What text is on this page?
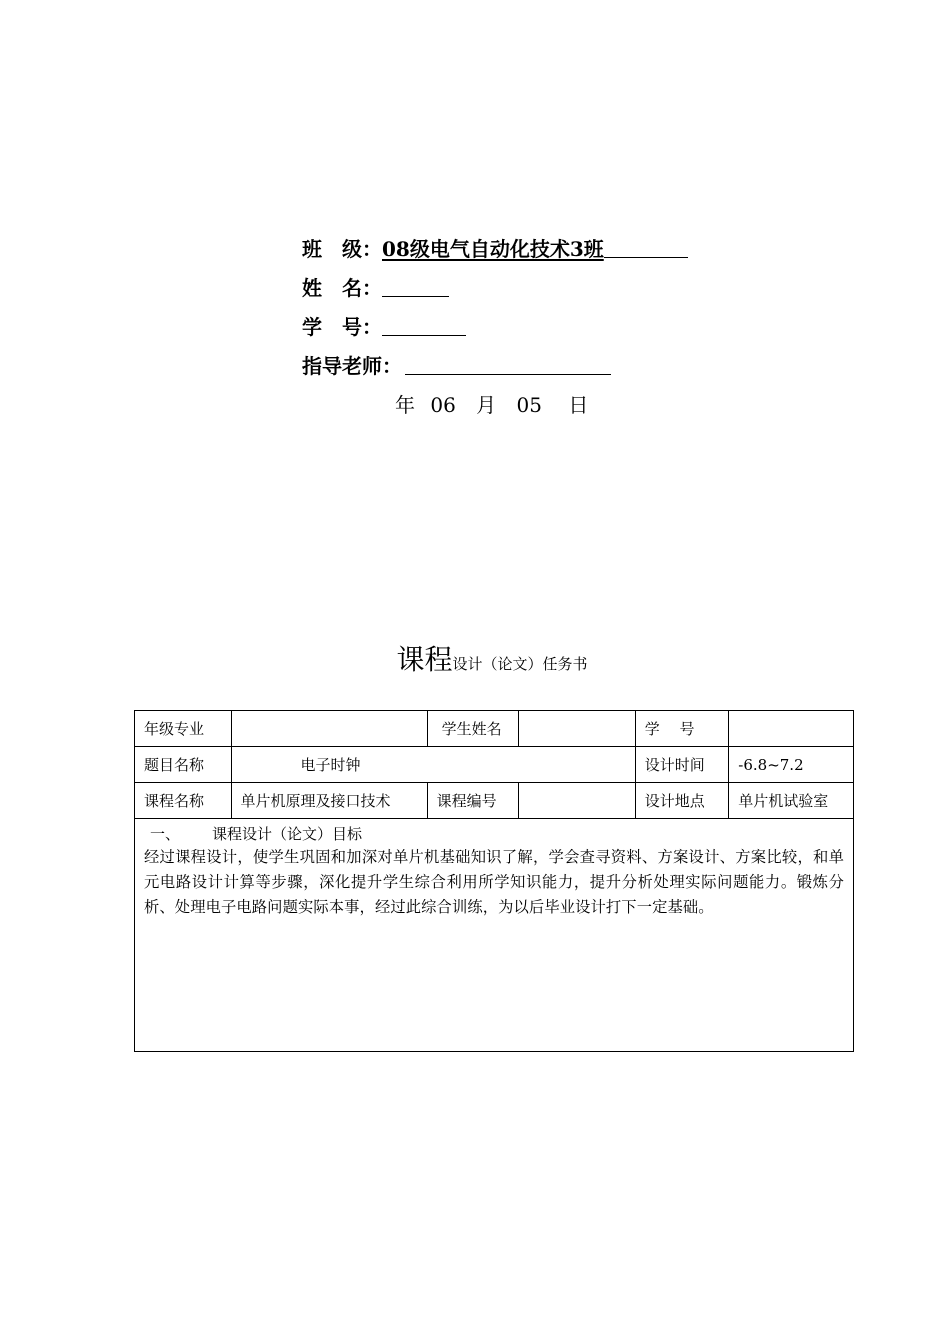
班　级：08级电气自动化技术3班
姓　名：
学　号：
指导老师：
年 06 月 05 日
课程设计（论文）任务书
年级专业		学生姓名		学　 号	
题目名称	电子时钟			设计时间	-6.8~7.2
课程名称	单片机原理及接口技术	课程编号		设计地点	单片机试验室

一、 课程设计（论文）目标
经过课程设计，使学生巩固和加深对单片机基础知识了解，学会查寻资料、方案设计、方案比较，和单元电路设计计算等步骤，深化提升学生综合利用所学知识能力，提升分析处理实际问题能力。锻炼分析、处理电子电路问题实际本事，经过此综合训练，为以后毕业设计打下一定基础。					
